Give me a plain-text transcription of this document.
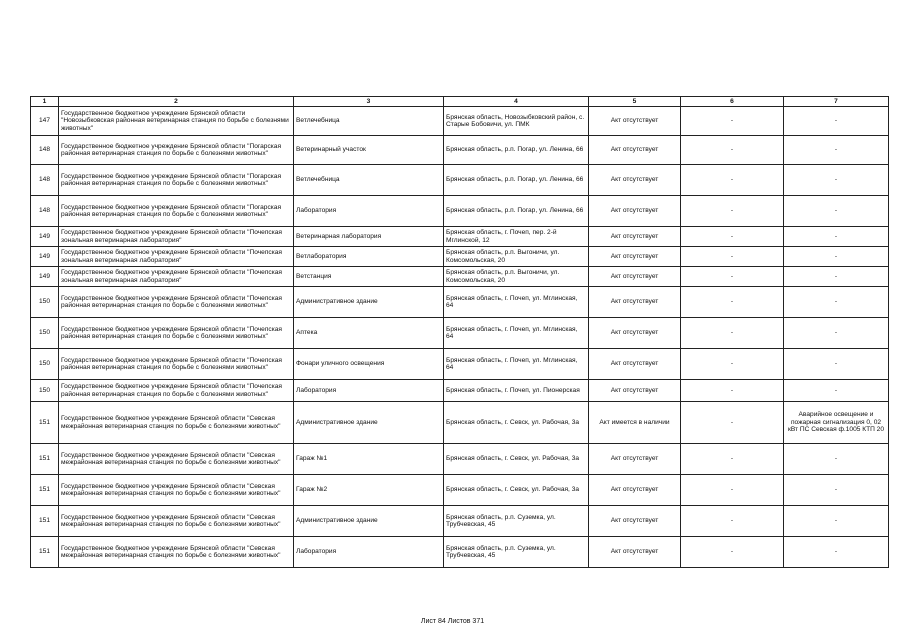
1	2	3	4	5	6	7
147	Государственное бюджетное учреждение Брянской области "Новозыбковская районная ветеринарная станция по борьбе с болезнями животных"	Ветлечебница	Брянская область, Новозыбковский район, с. Старые Бобовичи, ул. ПМК	Акт отсутствует	-	-
148	Государственное бюджетное учреждение Брянской области "Погарская районная ветеринарная станция по борьбе с болезнями животных"	Ветеринарный участок	Брянская область, р.п. Погар, ул. Ленина, 66	Акт отсутствует	-	-
148	Государственное бюджетное учреждение Брянской области "Погарская районная ветеринарная станция по борьбе с болезнями животных"	Ветлечебница	Брянская область, р.п. Погар, ул. Ленина, 66	Акт отсутствует	-	-
148	Государственное бюджетное учреждение Брянской области "Погарская районная ветеринарная станция по борьбе с болезнями животных"	Лаборатория	Брянская область, р.п. Погар, ул. Ленина, 66	Акт отсутствует	-	-
149	Государственное бюджетное учреждение Брянской области "Почепская зональная ветеринарная лаборатория"	Ветеринарная лаборатория	Брянская область, г. Почеп, пер. 2-й Мглинской, 12	Акт отсутствует	-	-
149	Государственное бюджетное учреждение Брянской области "Почепская зональная ветеринарная лаборатория"	Ветлаборатория	Брянская область, р.п. Выгоничи, ул. Комсомольская, 20	Акт отсутствует	-	-
149	Государственное бюджетное учреждение Брянской области "Почепская зональная ветеринарная лаборатория"	Ветстанция	Брянская область, р.п. Выгоничи, ул. Комсомольская, 20	Акт отсутствует	-	-
150	Государственное бюджетное учреждение Брянской области "Почепская районная ветеринарная станция по борьбе с болезнями животных"	Административное здание	Брянская область, г. Почеп, ул. Мглинская, 64	Акт отсутствует	-	-
150	Государственное бюджетное учреждение Брянской области "Почепская районная ветеринарная станция по борьбе с болезнями животных"	Аптека	Брянская область, г. Почеп, ул. Мглинская, 64	Акт отсутствует	-	-
150	Государственное бюджетное учреждение Брянской области "Почепская районная ветеринарная станция по борьбе с болезнями животных"	Фонари уличного освещения	Брянская область, г. Почеп, ул. Мглинская, 64	Акт отсутствует	-	-
150	Государственное бюджетное учреждение Брянской области "Почепская районная ветеринарная станция по борьбе с болезнями животных"	Лаборатория	Брянская область, г. Почеп, ул. Пионерская	Акт отсутствует	-	-
151	Государственное бюджетное учреждение Брянской области "Севская межрайонная ветеринарная станция по борьбе с болезнями животных"	Административное здание	Брянская область, г. Севск, ул. Рабочая, 3а	Акт имеется в наличии	-	Аварийное освещение и пожарная сигнализация 0, 02 кВт ПС Севская ф.1005 КТП 20
151	Государственное бюджетное учреждение Брянской области "Севская межрайонная ветеринарная станция по борьбе с болезнями животных"	Гараж №1	Брянская область, г. Севск, ул. Рабочая, 3а	Акт отсутствует	-	-
151	Государственное бюджетное учреждение Брянской области "Севская межрайонная ветеринарная станция по борьбе с болезнями животных"	Гараж №2	Брянская область, г. Севск, ул. Рабочая, 3а	Акт отсутствует	-	-
151	Государственное бюджетное учреждение Брянской области "Севская межрайонная ветеринарная станция по борьбе с болезнями животных"	Административное здание	Брянская область, р.п. Суземка, ул. Трубчевская, 45	Акт отсутствует	-	-
151	Государственное бюджетное учреждение Брянской области "Севская межрайонная ветеринарная станция по борьбе с болезнями животных"	Лаборатория	Брянская область, р.п. Суземка, ул. Трубчевская, 45	Акт отсутствует	-	-
Лист 84 Листов 371
